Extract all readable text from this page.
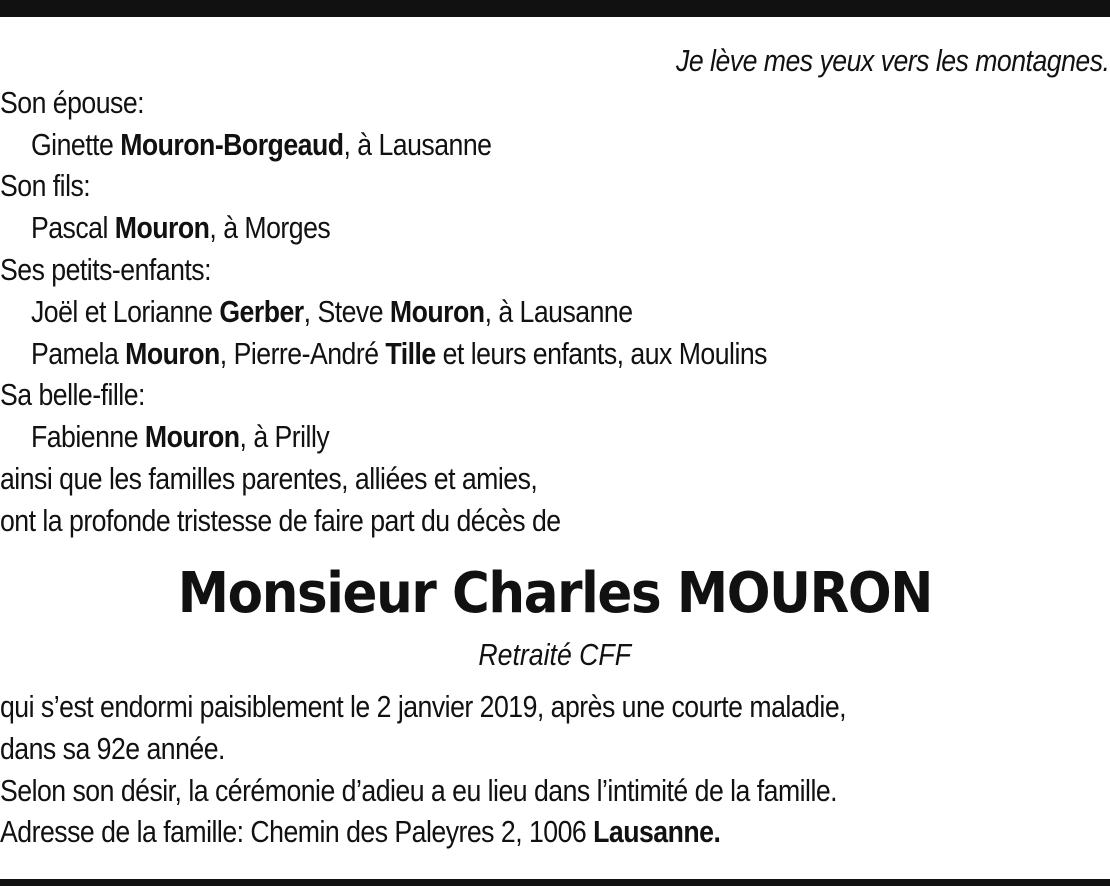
Je lève mes yeux vers les montagnes.
Son épouse:
Ginette Mouron-Borgeaud, à Lausanne
Son fils:
Pascal Mouron, à Morges
Ses petits-enfants:
Joël et Lorianne Gerber, Steve Mouron, à Lausanne
Pamela Mouron, Pierre-André Tille et leurs enfants, aux Moulins
Sa belle-fille:
Fabienne Mouron, à Prilly
ainsi que les familles parentes, alliées et amies,
ont la profonde tristesse de faire part du décès de
Monsieur Charles MOURON
Retraité CFF
qui s’est endormi paisiblement le 2 janvier 2019, après une courte maladie,
dans sa 92e année.
Selon son désir, la cérémonie d’adieu a eu lieu dans l’intimité de la famille.
Adresse de la famille: Chemin des Paleyres 2, 1006 Lausanne.
